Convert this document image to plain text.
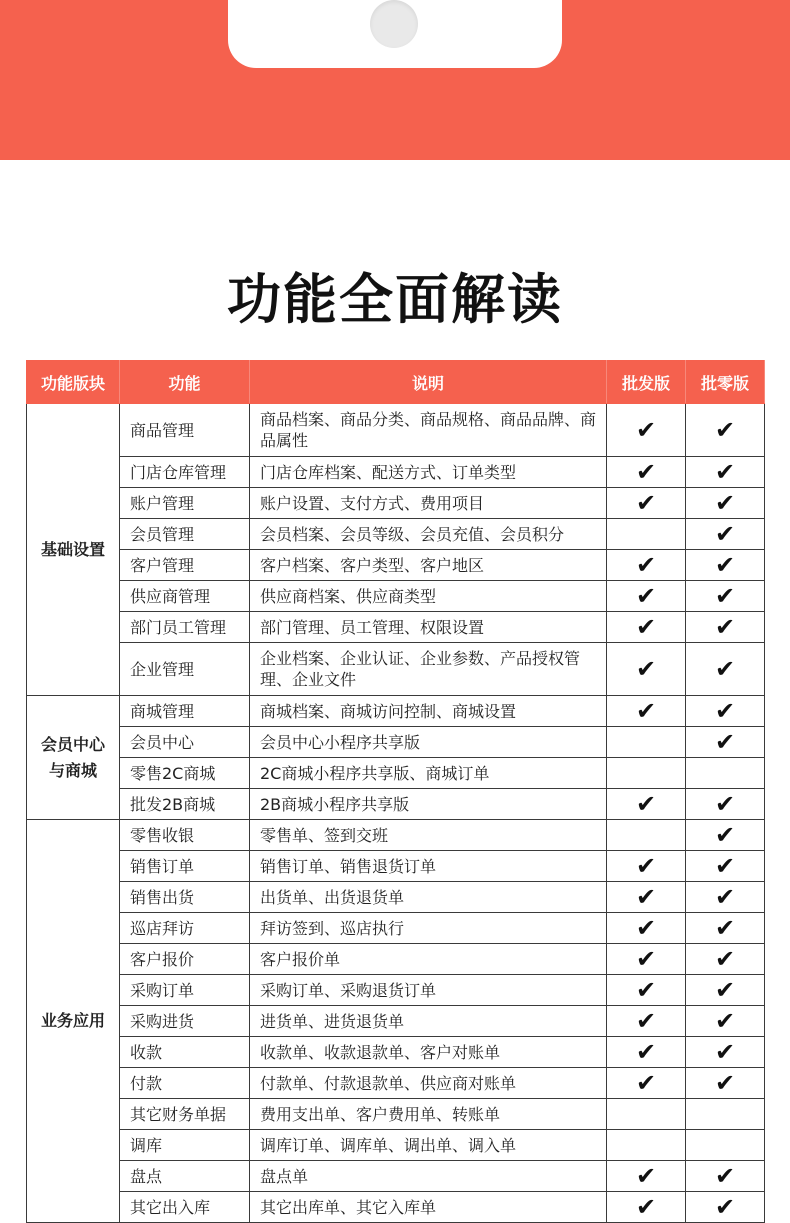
功能全面解读
功能版块	功能	说明	批发版	批零版
基础设置	商品管理	商品档案、商品分类、商品规格、商品品牌、商品属性	✔	✔
	门店仓库管理	门店仓库档案、配送方式、订单类型	✔	✔
	账户管理	账户设置、支付方式、费用项目	✔	✔
	会员管理	会员档案、会员等级、会员充值、会员积分		✔
	客户管理	客户档案、客户类型、客户地区	✔	✔
	供应商管理	供应商档案、供应商类型	✔	✔
	部门员工管理	部门管理、员工管理、权限设置	✔	✔
	企业管理	企业档案、企业认证、企业参数、产品授权管理、企业文件	✔	✔
会员中心与商城	商城管理	商城档案、商城访问控制、商城设置	✔	✔
	会员中心	会员中心小程序共享版		✔
	零售2C商城	2C商城小程序共享版、商城订单		
	批发2B商城	2B商城小程序共享版	✔	✔
业务应用	零售收银	零售单、签到交班		✔
	销售订单	销售订单、销售退货订单	✔	✔
	销售出货	出货单、出货退货单	✔	✔
	巡店拜访	拜访签到、巡店执行	✔	✔
	客户报价	客户报价单	✔	✔
	采购订单	采购订单、采购退货订单	✔	✔
	采购进货	进货单、进货退货单	✔	✔
	收款	收款单、收款退款单、客户对账单	✔	✔
	付款	付款单、付款退款单、供应商对账单	✔	✔
	其它财务单据	费用支出单、客户费用单、转账单		
	调库	调库订单、调库单、调出单、调入单		
	盘点	盘点单	✔	✔
	其它出入库	其它出库单、其它入库单	✔	✔
